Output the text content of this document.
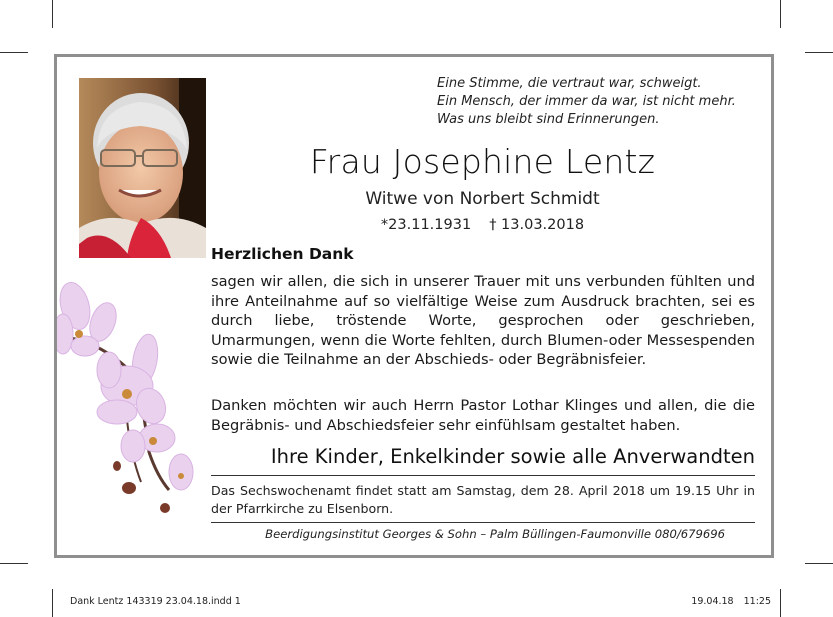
Eine Stimme, die vertraut war, schweigt.
Ein Mensch, der immer da war, ist nicht mehr.
Was uns bleibt sind Erinnerungen.
Frau Josephine Lentz
Witwe von Norbert Schmidt
*23.11.1931 † 13.03.2018
Herzlichen Dank

sagen wir allen, die sich in unserer Trauer mit uns verbunden fühlten und ihre Anteilnahme auf so vielfältige Weise zum Ausdruck brachten, sei es durch liebe, tröstende Worte, gesprochen oder geschrieben, Umarmungen, wenn die Worte fehlten, durch Blumen-oder Messespenden sowie die Teilnahme an der Abschieds- oder Begräbnisfeier.

Danken möchten wir auch Herrn Pastor Lothar Klinges und allen, die die Begräbnis- und Abschiedsfeier sehr einfühlsam gestaltet haben.

Ihre Kinder, Enkelkinder sowie alle Anverwandten

Das Sechswochenamt findet statt am Samstag, dem 28. April 2018 um 19.15 Uhr in der Pfarrkirche zu Elsenborn.

Beerdigungsinstitut Georges & Sohn – Palm Büllingen-Faumonville 080/679696
Dank Lentz 143319 23.04.18.indd 1	19.04.18 11:25
